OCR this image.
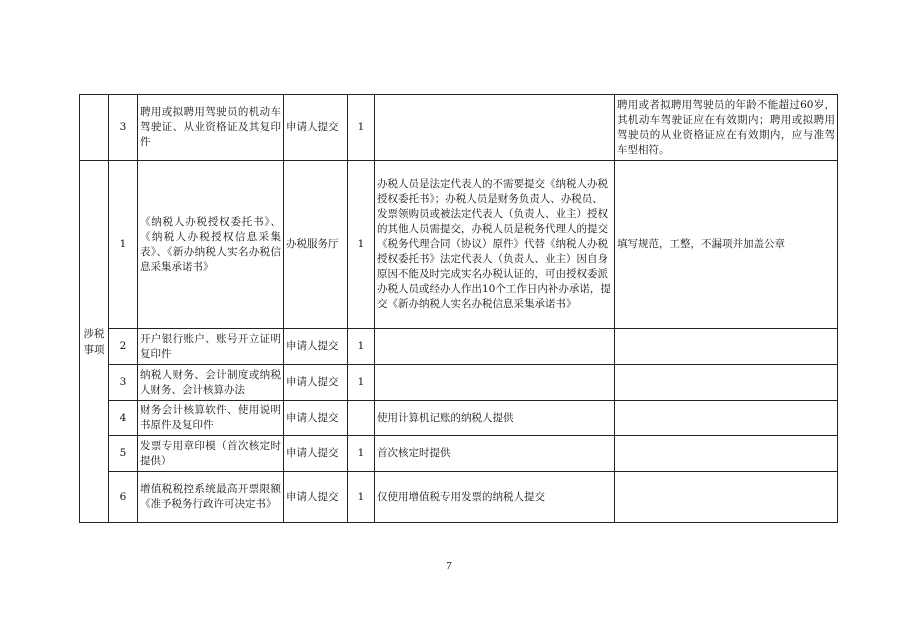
	3	聘用或拟聘用驾驶员的机动车驾驶证、从业资格证及其复印件	申请人提交	1		聘用或者拟聘用驾驶员的年龄不能超过60岁，其机动车驾驶证应在有效期内；聘用或拟聘用驾驶员的从业资格证应在有效期内，应与准驾车型相符。
涉税事项	1	《纳税人办税授权委托书》、《纳税人办税授权信息采集表》、《新办纳税人实名办税信息采集承诺书》	办税服务厅	1	办税人员是法定代表人的不需要提交《纳税人办税授权委托书》；办税人员是财务负责人、办税员、发票领购员或被法定代表人（负责人、业主）授权的其他人员需提交，办税人员是税务代理人的提交《税务代理合同（协议）原件》代替《纳税人办税授权委托书》法定代表人（负责人、业主）因自身原因不能及时完成实名办税认证的，可由授权委派办税人员或经办人作出10个工作日内补办承诺，提交《新办纳税人实名办税信息采集承诺书》	填写规范，工整，不漏项并加盖公章
	2	开户银行账户、账号开立证明复印件	申请人提交	1		
	3	纳税人财务、会计制度或纳税人财务、会计核算办法	申请人提交	1		
	4	财务会计核算软件、使用说明书原件及复印件	申请人提交		使用计算机记账的纳税人提供	
	5	发票专用章印模（首次核定时提供）	申请人提交	1	首次核定时提供	
	6	增值税税控系统最高开票限额《准予税务行政许可决定书》	申请人提交	1	仅使用增值税专用发票的纳税人提交	
7
